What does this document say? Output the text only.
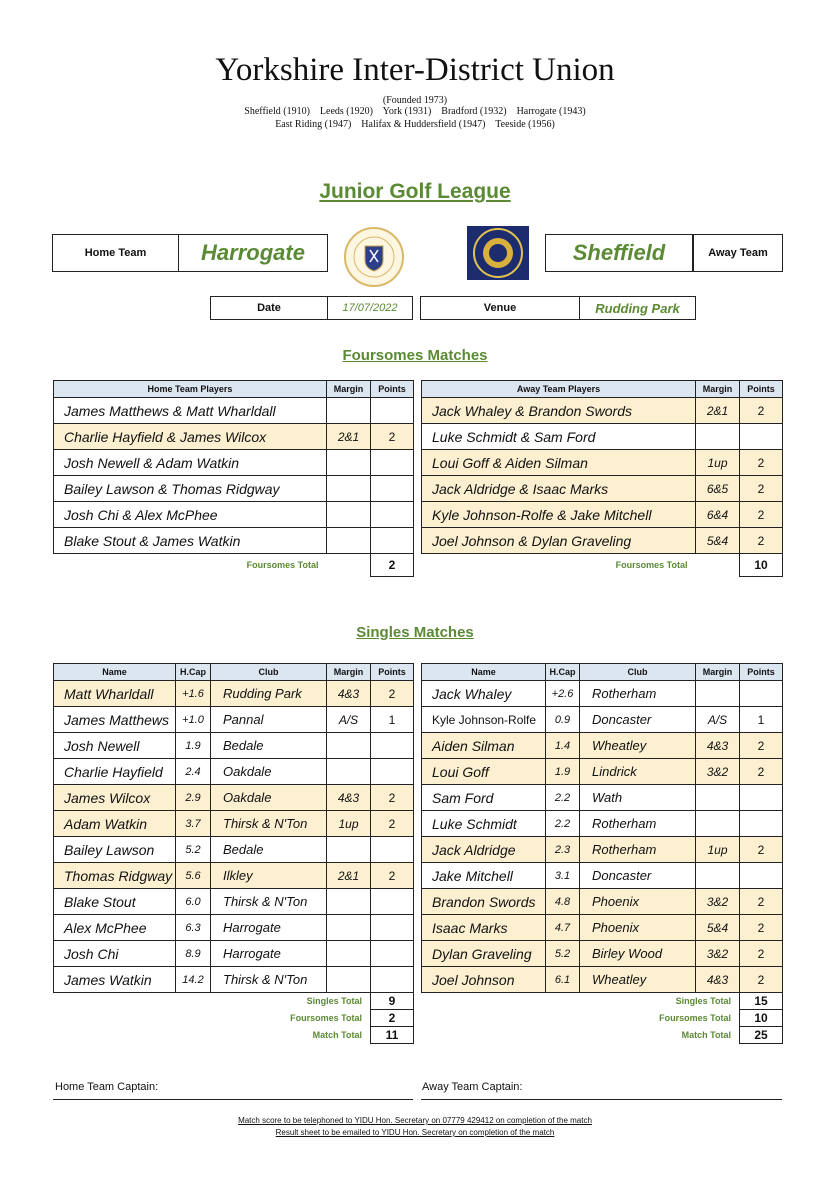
Yorkshire Inter-District Union
(Founded 1973)
Sheffield (1910)    Leeds (1920)    York (1931)    Bradford (1932)    Harrogate (1943)
East Riding (1947)    Halifax & Huddersfield (1947)    Teeside (1956)
Junior Golf League
Home Team	Harrogate	Sheffield	Away Team
Date	17/07/2022	Venue	Rudding Park
Foursomes Matches
Home Team Players	Margin	Points
James Matthews & Matt Wharldall		
Charlie Hayfield & James Wilcox	2&1	2
Josh Newell & Adam Watkin		
Bailey Lawson & Thomas Ridgway		
Josh Chi & Alex McPhee		
Blake Stout & James Watkin		
Foursomes Total		2
Away Team Players	Margin	Points
Jack Whaley & Brandon Swords	2&1	2
Luke Schmidt & Sam Ford		
Loui Goff & Aiden Silman	1up	2
Jack Aldridge & Isaac Marks	6&5	2
Kyle Johnson-Rolfe & Jake Mitchell	6&4	2
Joel Johnson & Dylan Graveling	5&4	2
Foursomes Total		10
Singles Matches
Name	H.Cap	Club	Margin	Points
Matt Wharldall	+1.6	Rudding Park	4&3	2
James Matthews	+1.0	Pannal	A/S	1
Josh Newell	1.9	Bedale		
Charlie Hayfield	2.4	Oakdale		
James Wilcox	2.9	Oakdale	4&3	2
Adam Watkin	3.7	Thirsk & N'Ton	1up	2
Bailey Lawson	5.2	Bedale		
Thomas Ridgway	5.6	Ilkley	2&1	2
Blake Stout	6.0	Thirsk & N'Ton		
Alex McPhee	6.3	Harrogate		
Josh Chi	8.9	Harrogate		
James Watkin	14.2	Thirsk & N'Ton		
Singles Total				9
Foursomes Total				2
Match Total				11
Name	H.Cap	Club	Margin	Points
Jack Whaley	+2.6	Rotherham		
Kyle Johnson-Rolfe	0.9	Doncaster	A/S	1
Aiden Silman	1.4	Wheatley	4&3	2
Loui Goff	1.9	Lindrick	3&2	2
Sam Ford	2.2	Wath		
Luke Schmidt	2.2	Rotherham		
Jack Aldridge	2.3	Rotherham	1up	2
Jake Mitchell	3.1	Doncaster		
Brandon Swords	4.8	Phoenix	3&2	2
Isaac Marks	4.7	Phoenix	5&4	2
Dylan Graveling	5.2	Birley Wood	3&2	2
Joel Johnson	6.1	Wheatley	4&3	2
Singles Total				15
Foursomes Total				10
Match Total				25
Home Team Captain:	Away Team Captain:
Match score to be telephoned to YIDU Hon. Secretary on 07779 429412 on completion of the match
Result sheet to be emailed to YIDU Hon. Secretary on completion of the match
